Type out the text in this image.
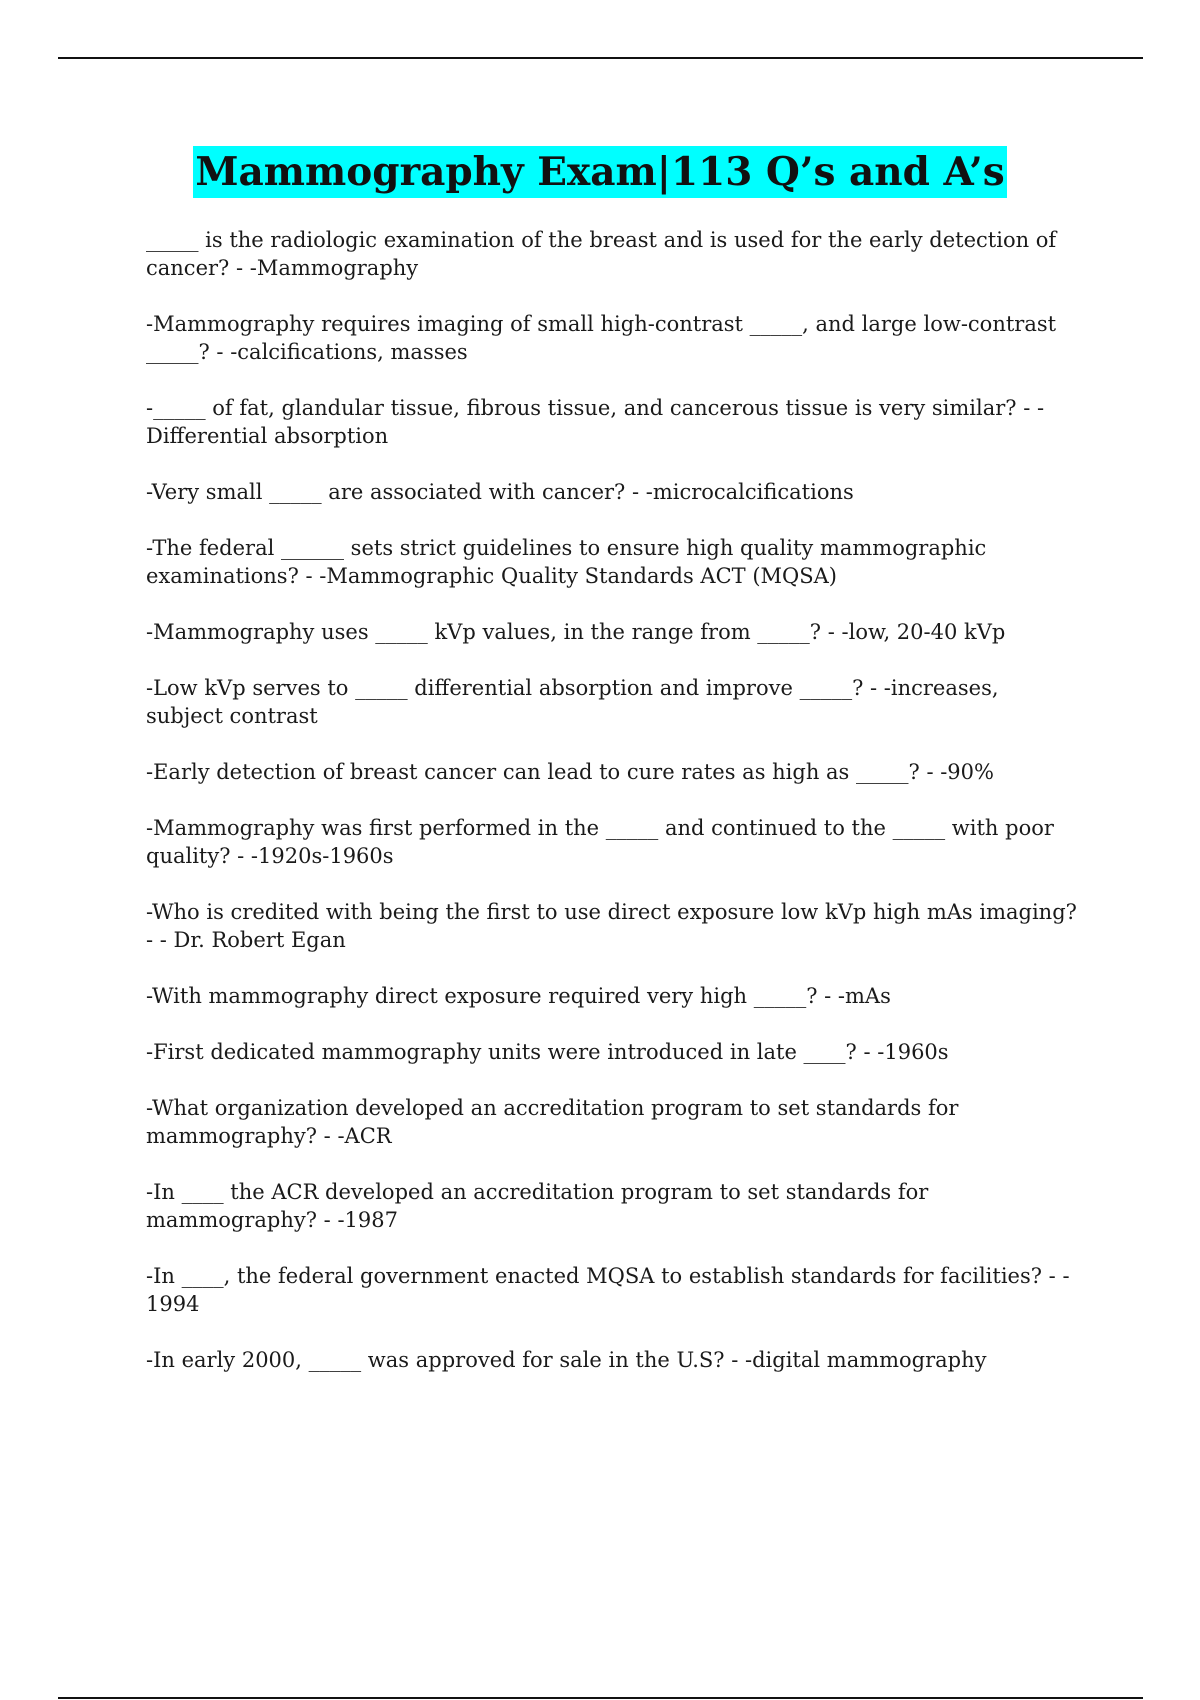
Mammography Exam|113 Q’s and A’s
_____ is the radiologic examination of the breast and is used for the early detection of cancer? - -Mammography
-Mammography requires imaging of small high-contrast _____, and large low-contrast _____? - -calcifications, masses
-_____ of fat, glandular tissue, fibrous tissue, and cancerous tissue is very similar? - - Differential absorption
-Very small _____ are associated with cancer? - -microcalcifications
-The federal ______ sets strict guidelines to ensure high quality mammographic examinations? - -Mammographic Quality Standards ACT (MQSA)
-Mammography uses _____ kVp values, in the range from _____? - -low, 20-40 kVp
-Low kVp serves to _____ differential absorption and improve _____? - -increases, subject contrast
-Early detection of breast cancer can lead to cure rates as high as _____? - -90%
-Mammography was first performed in the _____ and continued to the _____ with poor quality? - -1920s-1960s
-Who is credited with being the first to use direct exposure low kVp high mAs imaging? - - Dr. Robert Egan
-With mammography direct exposure required very high _____? - -mAs
-First dedicated mammography units were introduced in late ____? - -1960s
-What organization developed an accreditation program to set standards for mammography? - -ACR
-In ____ the ACR developed an accreditation program to set standards for mammography? - -1987
-In ____, the federal government enacted MQSA to establish standards for facilities? - - 1994
-In early 2000, _____ was approved for sale in the U.S? - -digital mammography
